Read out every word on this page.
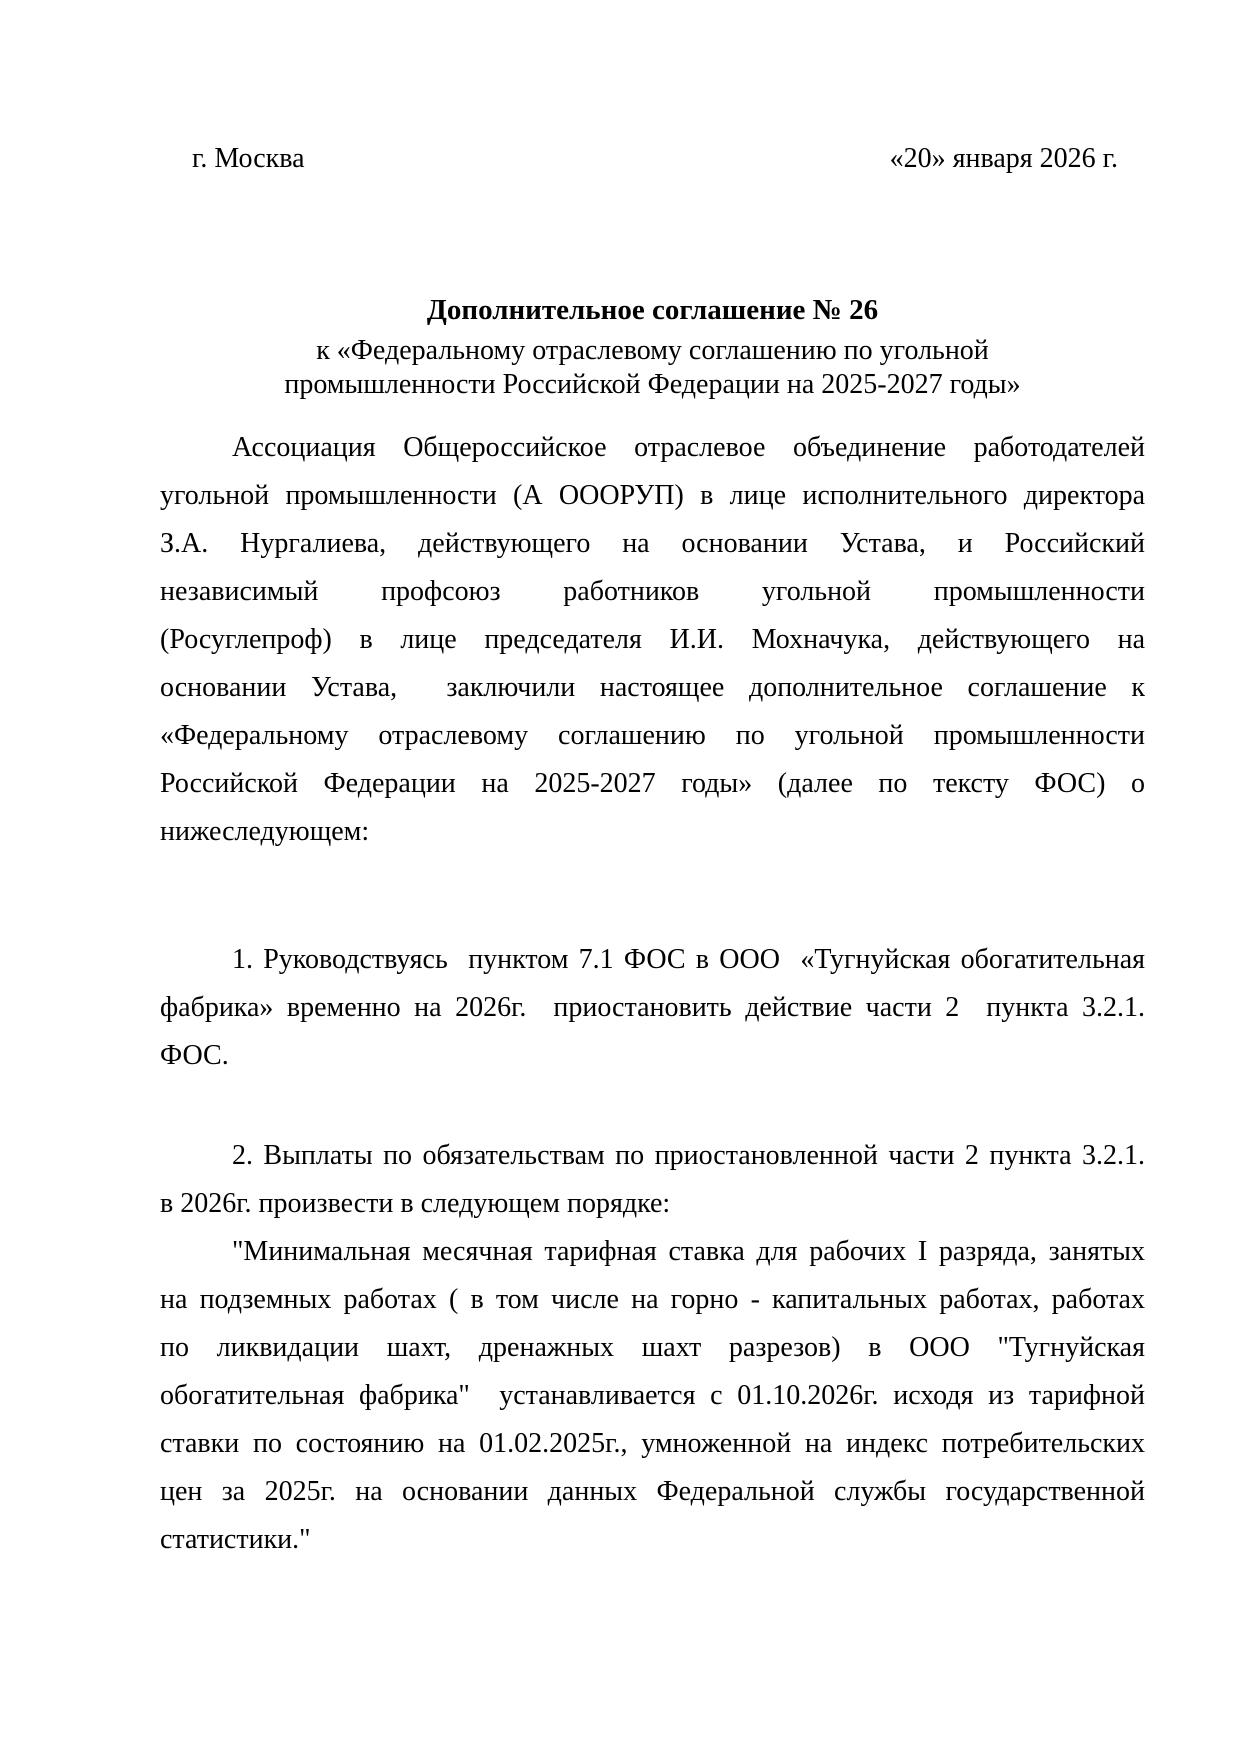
г. Москва	«20» января 2026 г.
Дополнительное соглашение № 26
к «Федеральному отраслевому соглашению по угольной
промышленности Российской Федерации на 2025-2027 годы»
Ассоциация Общероссийское отраслевое объединение работодателей
угольной промышленности (А ОООРУП) в лице исполнительного директора
З.А. Нургалиева, действующего на основании Устава, и Российский
независимый профсоюз работников угольной промышленности
(Росуглепроф) в лице председателя И.И. Мохначука, действующего на
основании Устава,  заключили настоящее дополнительное соглашение к
«Федеральному отраслевому соглашению по угольной промышленности
Российской Федерации на 2025-2027 годы» (далее по тексту ФОС) о
нижеследующем:
1. Руководствуясь  пунктом 7.1 ФОС в ООО  «Тугнуйская обогатительная
фабрика» временно на 2026г.  приостановить действие части 2  пункта 3.2.1.
ФОС.
2. Выплаты по обязательствам по приостановленной части 2 пункта 3.2.1.
в 2026г. произвести в следующем порядке:
"Минимальная месячная тарифная ставка для рабочих I разряда, занятых
на подземных работах ( в том числе на горно - капитальных работах, работах
по ликвидации шахт, дренажных шахт разрезов) в ООО "Тугнуйская
обогатительная фабрика"  устанавливается с 01.10.2026г. исходя из тарифной
ставки по состоянию на 01.02.2025г., умноженной на индекс потребительских
цен за 2025г. на основании данных Федеральной службы государственной
статистики."
